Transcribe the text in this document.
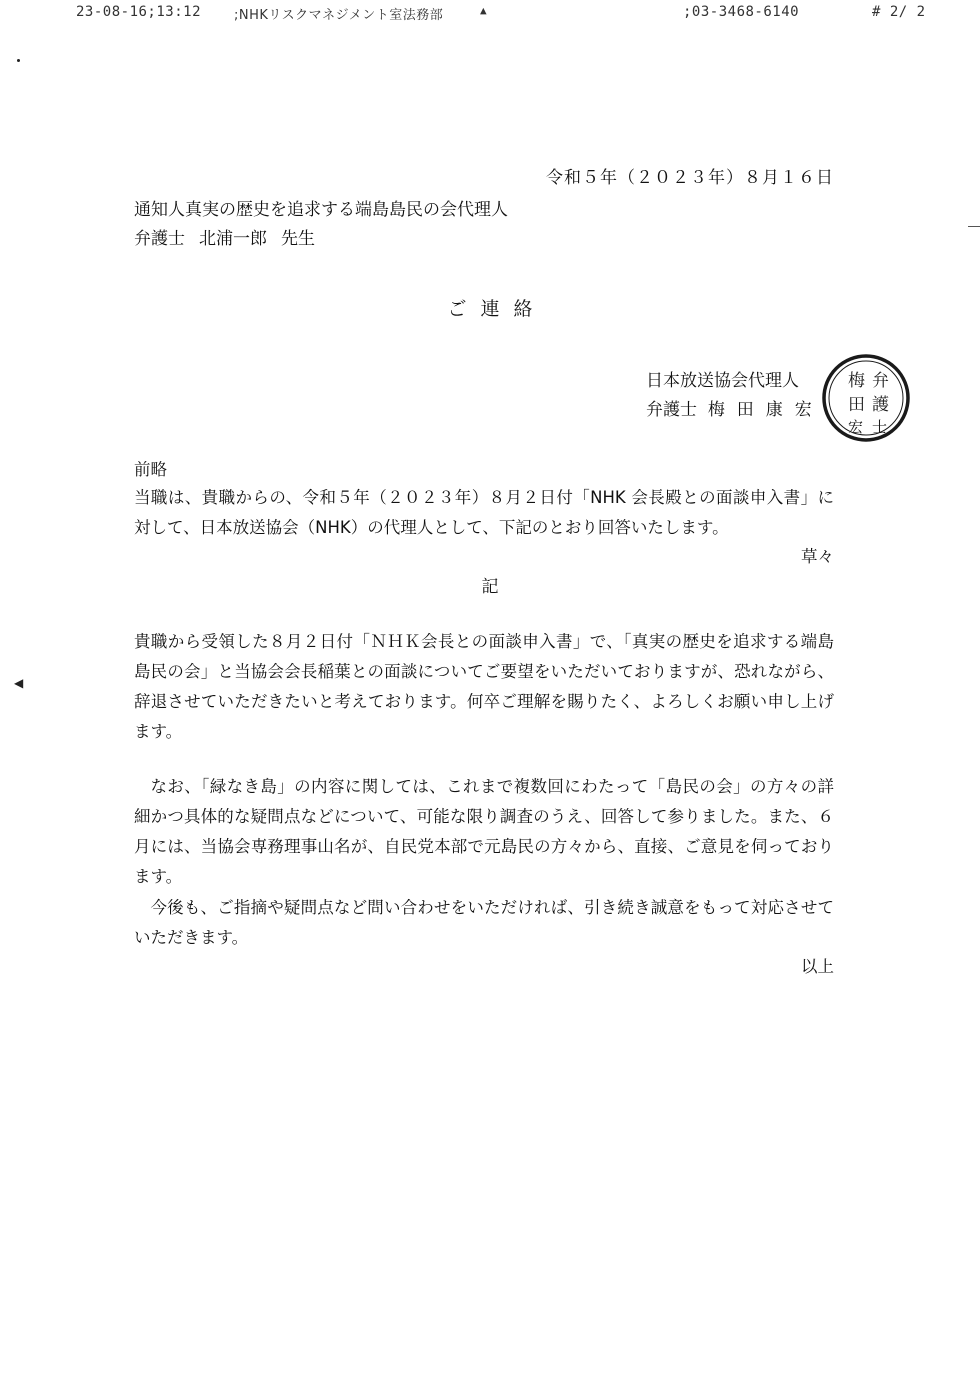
23-08-16;13:12	;NHKリスクマネジメント室法務部	▲	;03-3468-6140	# 2/ 2
令和５年（２０２３年）８月１６日
通知人真実の歴史を追求する端島島民の会代理人
弁護士 北浦一郎 先生
ご連絡
日本放送協会代理人
弁護士 梅田康宏
梅 弁
田 護
宏 士
前略
当職は、貴職からの、令和５年（２０２３年）８月２日付「NHK 会長殿との面談申入書」に対して、日本放送協会（NHK）の代理人として、下記のとおり回答いたします。
草々
記
貴職から受領した８月２日付「ＮＨＫ会長との面談申入書」で、「真実の歴史を追求する端島島民の会」と当協会会長稲葉との面談についてご要望をいただいておりますが、恐れながら、辞退させていただきたいと考えております。何卒ご理解を賜りたく、よろしくお願い申し上げます。
なお、「緑なき島」の内容に関しては、これまで複数回にわたって「島民の会」の方々の詳細かつ具体的な疑問点などについて、可能な限り調査のうえ、回答して参りました。また、６月には、当協会専務理事山名が、自民党本部で元島民の方々から、直接、ご意見を伺っております。
今後も、ご指摘や疑問点など問い合わせをいただければ、引き続き誠意をもって対応させていただきます。
以上
◀
